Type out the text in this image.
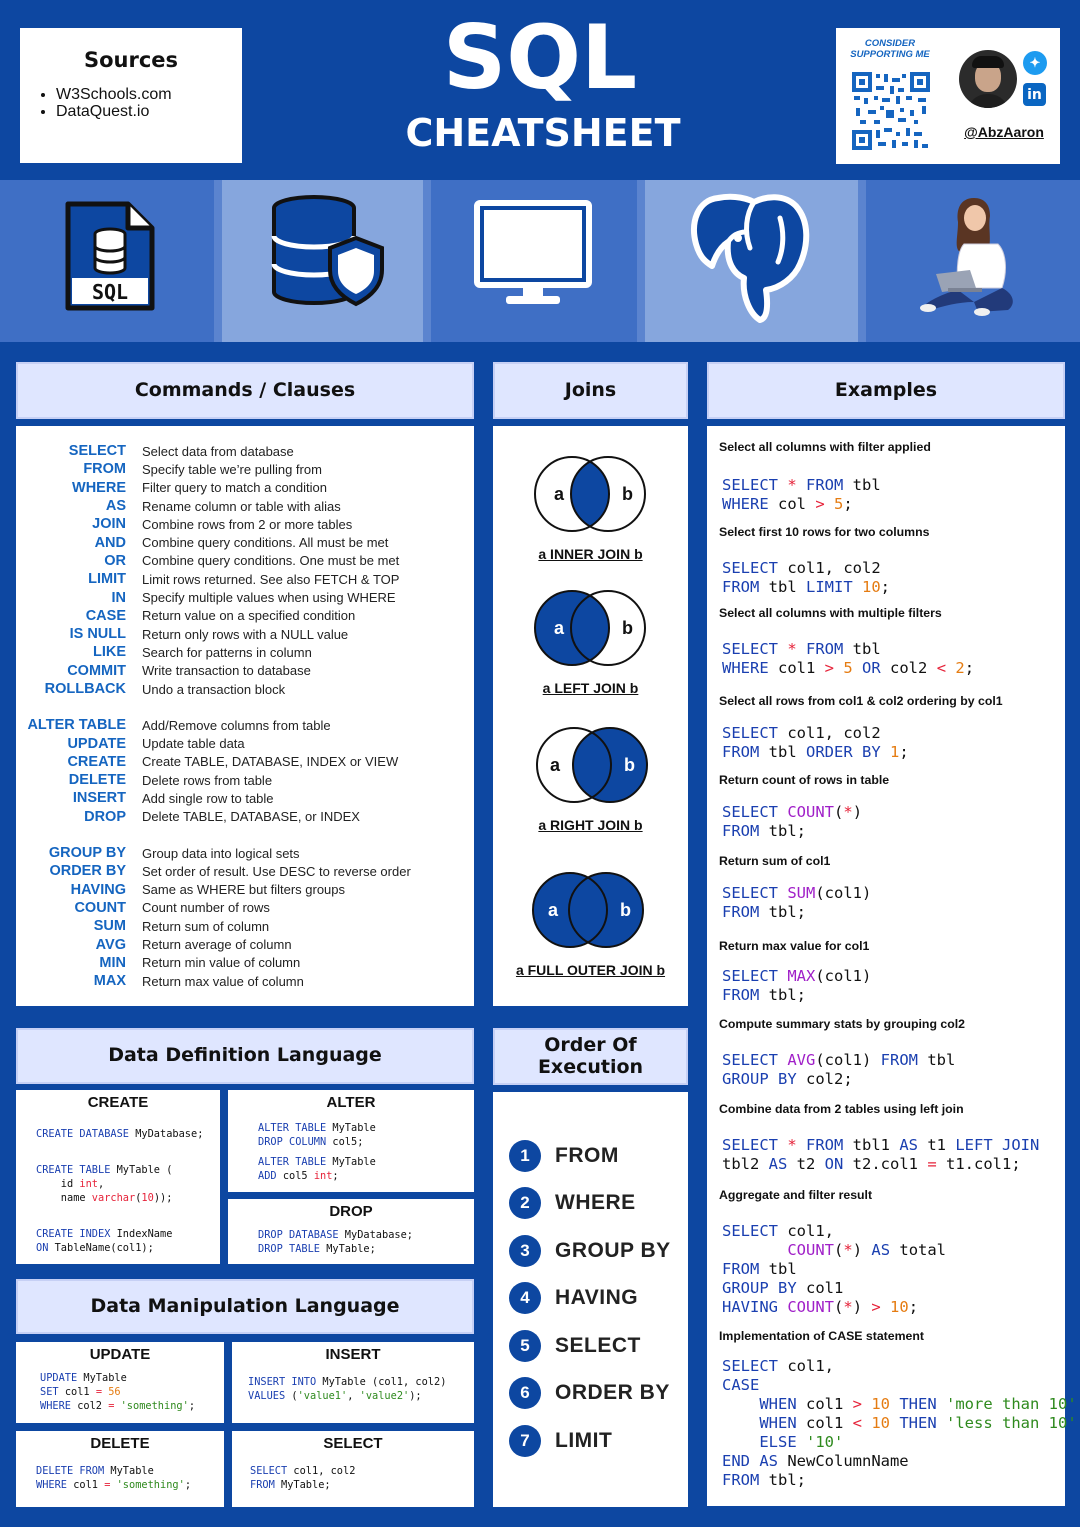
Sources
• W3Schools.com
• DataQuest.io
SQL
CHEATSHEET
CONSIDER SUPPORTING ME
✦
in
@AbzAaron
SQL
Commands / Clauses
SELECT	Select data from database
FROM	Specify table we’re pulling from
WHERE	Filter query to match a condition
AS	Rename column or table with alias
JOIN	Combine rows from 2 or more tables
AND	Combine query conditions. All must be met
OR	Combine query conditions. One must be met
LIMIT	Limit rows returned. See also FETCH & TOP
IN	Specify multiple values when using WHERE
CASE	Return value on a specified condition
IS NULL	Return only rows with a NULL value
LIKE	Search for patterns in column
COMMIT	Write transaction to database
ROLLBACK	Undo a transaction block
ALTER TABLE	Add/Remove columns from table
UPDATE	Update table data
CREATE	Create TABLE, DATABASE, INDEX or VIEW
DELETE	Delete rows from table
INSERT	Add single row to table
DROP	Delete TABLE, DATABASE, or INDEX
GROUP BY	Group data into logical sets
ORDER BY	Set order of result. Use DESC to reverse order
HAVING	Same as WHERE but filters groups
COUNT	Count number of rows
SUM	Return sum of column
AVG	Return average of column
MIN	Return min value of column
MAX	Return max value of column
Joins
a	b
a INNER JOIN b
a	b
a LEFT JOIN b
a	b
a RIGHT JOIN b
a	b
a FULL OUTER JOIN b
Examples
Select all columns with filter applied
SELECT * FROM tbl
WHERE col > 5;
Select first 10 rows for two columns
SELECT col1, col2
FROM tbl LIMIT 10;
Select all columns with multiple filters
SELECT * FROM tbl
WHERE col1 > 5 OR col2 < 2;
Select all rows from col1 & col2 ordering by col1
SELECT col1, col2
FROM tbl ORDER BY 1;
Return count of rows in table
SELECT COUNT(*)
FROM tbl;
Return sum of col1
SELECT SUM(col1)
FROM tbl;
Return max value for col1
SELECT MAX(col1)
FROM tbl;
Compute summary stats by grouping col2
SELECT AVG(col1) FROM tbl
GROUP BY col2;
Combine data from 2 tables using left join
SELECT * FROM tbl1 AS t1 LEFT JOIN
tbl2 AS t2 ON t2.col1 = t1.col1;
Aggregate and filter result
SELECT col1,
COUNT(*) AS total
FROM tbl
GROUP BY col1
HAVING COUNT(*) > 10;
Implementation of CASE statement
SELECT col1,
CASE
WHEN col1 > 10 THEN 'more than 10'
WHEN col1 < 10 THEN 'less than 10'
ELSE '10'
END AS NewColumnName
FROM tbl;
Data Definition Language
CREATE
CREATE DATABASE MyDatabase;
CREATE TABLE MyTable (
id int,
name varchar(10));
CREATE INDEX IndexName
ON TableName(col1);
ALTER
ALTER TABLE MyTable
DROP COLUMN col5;
ALTER TABLE MyTable
ADD col5 int;
DROP
DROP DATABASE MyDatabase;
DROP TABLE MyTable;
Data Manipulation Language
UPDATE
UPDATE MyTable
SET col1 = 56
WHERE col2 = 'something';
INSERT
INSERT INTO MyTable (col1, col2)
VALUES ('value1', 'value2');
DELETE
DELETE FROM MyTable
WHERE col1 = 'something';
SELECT
SELECT col1, col2
FROM MyTable;
Order Of Execution
1	FROM
2	WHERE
3	GROUP BY
4	HAVING
5	SELECT
6	ORDER BY
7	LIMIT
